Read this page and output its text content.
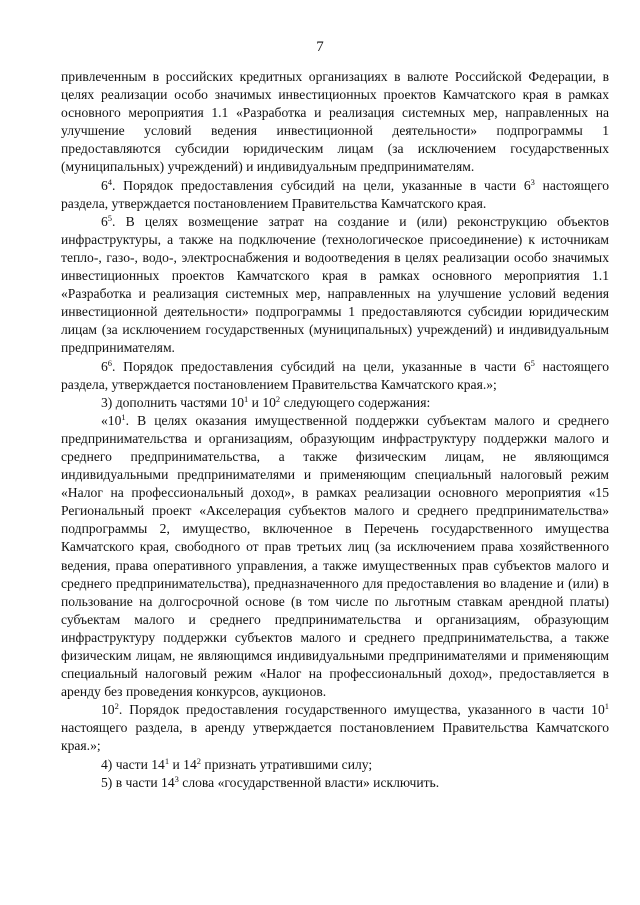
7

привлеченным в российских кредитных организациях в валюте Российской Федерации, в целях реализации особо значимых инвестиционных проектов Камчатского края в рамках основного мероприятия 1.1 «Разработка и реализация системных мер, направленных на улучшение условий ведения инвестиционной деятельности» подпрограммы 1 предоставляются субсидии юридическим лицам (за исключением государственных (муниципальных) учреждений) и индивидуальным предпринимателям.

$6^4$. Порядок предоставления субсидий на цели, указанные в части $6^3$ настоящего раздела, утверждается постановлением Правительства Камчатского края.

$6^5$. В целях возмещение затрат на создание и (или) реконструкцию объектов инфраструктуры, а также на подключение (технологическое присоединение) к источникам тепло-, газо-, водо-, электроснабжения и водоотведения в целях реализации особо значимых инвестиционных проектов Камчатского края в рамках основного мероприятия 1.1 «Разработка и реализация системных мер, направленных на улучшение условий ведения инвестиционной деятельности» подпрограммы 1 предоставляются субсидии юридическим лицам (за исключением государственных (муниципальных) учреждений) и индивидуальным предпринимателям.

$6^6$. Порядок предоставления субсидий на цели, указанные в части $6^5$ настоящего раздела, утверждается постановлением Правительства Камчатского края.»;

3) дополнить частями $10^1$ и $10^2$ следующего содержания:

«$10^1$. В целях оказания имущественной поддержки субъектам малого и среднего предпринимательства и организациям, образующим инфраструктуру поддержки малого и среднего предпринимательства, а также физическим лицам, не являющимся индивидуальными предпринимателями и применяющим специальный налоговый режим «Налог на профессиональный доход», в рамках реализации основного мероприятия «15 Региональный проект «Акселерация субъектов малого и среднего предпринимательства» подпрограммы 2, имущество, включенное в Перечень государственного имущества Камчатского края, свободного от прав третьих лиц (за исключением права хозяйственного ведения, права оперативного управления, а также имущественных прав субъектов малого и среднего предпринимательства), предназначенного для предоставления во владение и (или) в пользование на долгосрочной основе (в том числе по льготным ставкам арендной платы) субъектам малого и среднего предпринимательства и организациям, образующим инфраструктуру поддержки субъектов малого и среднего предпринимательства, а также физическим лицам, не являющимся индивидуальными предпринимателями и применяющим специальный налоговый режим «Налог на профессиональный доход», предоставляется в аренду без проведения конкурсов, аукционов.

$10^2$. Порядок предоставления государственного имущества, указанного в части $10^1$ настоящего раздела, в аренду утверждается постановлением Правительства Камчатского края.»;

4) части $14^1$ и $14^2$ признать утратившими силу;

5) в части $14^3$ слова «государственной власти» исключить.
